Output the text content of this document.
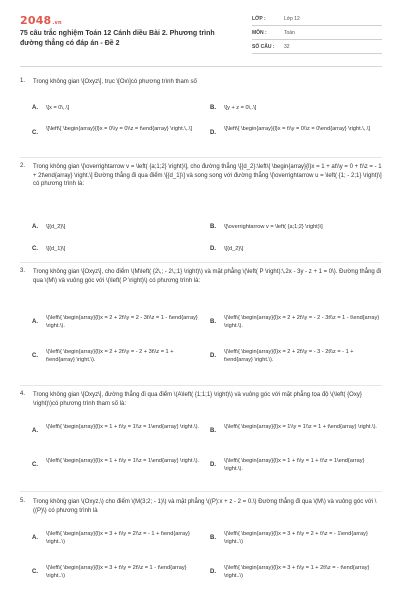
2048.vn
75 câu trắc nghiệm Toán 12 Cánh diều Bài 2. Phương trình đường thẳng có đáp án - Đề 2
LỚP :	Lớp 12
MÔN :	Toán
SỐ CÂU :	32
1. Trong không gian \[Oxyz\], trục \[Ox\]có phương trình tham số
A. \[x = 0\,.\]	B. \[y + z = 0\,.\]
C.
\[\left\{ \begin{array}{l}x = 0\\y = 0\\z = t\end{array} \right.\,.\]
D.
\[\left\{ \begin{array}{l}x = t\\y = 0\\z = 0\end{array} \right.\,.\]
2. Trong không gian \[\overrightarrow v = \left( {a;1;2} \right)\], cho đường thẳng \[{d_2}:\left\{ \begin{array}{l}x = 1 + at\\y = 0 + t\\z = - 1 + 2t\end{array} \right.\] Đường thẳng đi qua điểm \[{d_1}\] và song song với đường thẳng \[\overrightarrow u = \left( {1; - 2;1} \right)\] có phương trình là:
A. \[{d_2}\]	B. \[\overrightarrow v = \left( {a;1;2} \right)\]
C. \[{d_1}\]	D. \[{d_2}\]
3. Trong không gian \[Oxyz\], cho điểm \(M\left( {2\,; - 2\,;1} \right)\) và mặt phẳng \(\left( P \right):\,2x - 3y - z + 1 = 0\). Đường thẳng đi qua \(M\) và vuông góc với \(\left( P \right)\) có phương trình là:
A.
\(\left\{ \begin{array}{l}x = 2 + 2t\\y = 2 - 3t\\z = 1 - t\end{array} \right.\).
B.
\(\left\{ \begin{array}{l}x = 2 + 2t\\y = - 2 - 3t\\z = 1 - t\end{array} \right.\).
C.
\(\left\{ \begin{array}{l}x = 2 + 2t\\y = - 2 + 3t\\z = 1 + t\end{array} \right.\).
D.
\(\left\{ \begin{array}{l}x = 2 + 2t\\y = - 3 - 2t\\z = - 1 + t\end{array} \right.\).
4. Trong không gian \[Oxyz\], đường thẳng đi qua điểm \(A\left( {1;1;1} \right)\) và vuông góc với mặt phẳng tọa độ \(\left( {Oxy} \right)\)có phương trình tham số là:
A.
\(\left\{ \begin{array}{l}x = 1 + t\\y = 1\\z = 1\end{array} \right.\).
B.
\(\left\{ \begin{array}{l}x = 1\\y = 1\\z = 1 + t\end{array} \right.\).
C.
\(\left\{ \begin{array}{l}x = 1 + t\\y = 1\\z = 1\end{array} \right.\).
D.
\(\left\{ \begin{array}{l}x = 1 + t\\y = 1 + t\\z = 1\end{array} \right.\).
5. Trong không gian \(Oxyz,\) cho điểm \(M(3;2; - 1)\) và mặt phẳng \((P):x + z - 2 = 0.\) Đường thẳng đi qua \(M\) và vuông góc với \((P)\) có phương trình là
A.
\(\left\{ \begin{array}{l}x = 3 + t\\y = 2\\z = - 1 + t\end{array} \right..\)
B.
\(\left\{ \begin{array}{l}x = 3 + t\\y = 2 + t\\z = - 1\end{array} \right..\)
C.
\(\left\{ \begin{array}{l}x = 3 + t\\y = 2t\\z = 1 - t\end{array} \right..\)
D.
\(\left\{ \begin{array}{l}x = 3 + t\\y = 1 + 2t\\z = - t\end{array} \right..\)
